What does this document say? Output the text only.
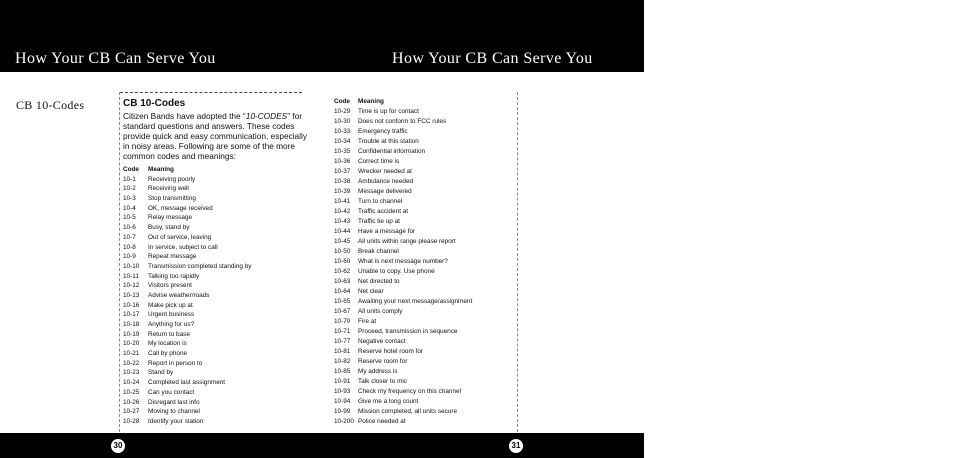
How Your CB Can Serve You	How Your CB Can Serve You
CB 10-Codes	CB 10-Codes
Citizen Bands have adopted the “10-CODES” for standard questions and answers. These codes provide quick and easy communication, especially in noisy areas. Following are some of the more common codes and meanings:
Code	Meaning
10-1	Receiving poorly
10-2	Receiving well
10-3	Stop transmitting
10-4	OK, message received
10-5	Relay message
10-6	Busy, stand by
10-7	Out of service, leaving
10-8	In service, subject to call
10-9	Repeat message
10-10	Transmission completed standing by
10-11	Talking too rapidly
10-12	Visitors present
10-13	Advise weather/roads
10-16	Make pick up at
10-17	Urgent business
10-18	Anything for us?
10-19	Return to base
10-20	My location is
10-21	Call by phone
10-22	Report in person to
10-23	Stand by
10-24	Completed last assignment
10-25	Can you contact
10-26	Disregard last info
10-27	Moving to channel
10-28	Identify your station
Code	Meaning
10-29	Time is up for contact
10-30	Does not conform to FCC rules
10-33	Emergency traffic
10-34	Trouble at this station
10-35	Confidential information
10-36	Correct time is
10-37	Wrecker needed at
10-38	Ambulance needed
10-39	Message delivered
10-41	Turn to channel
10-42	Traffic accident at
10-43	Traffic tie up at
10-44	Have a message for
10-45	All units within range please report
10-50	Break channel
10-60	What is next message number?
10-62	Unable to copy. Use phone
10-63	Net directed to
10-64	Net clear
10-65	Awaiting your next message/assignment
10-67	All units comply
10-70	Fire at
10-71	Proceed, transmission in sequence
10-77	Negative contact
10-81	Reserve hotel room for
10-82	Reserve room for
10-85	My address is
10-91	Talk closer to mic
10-93	Check my frequency on this channel
10-94	Give me a long count
10-99	Mission completed, all units secure
10-200 Police needed at
30	31
